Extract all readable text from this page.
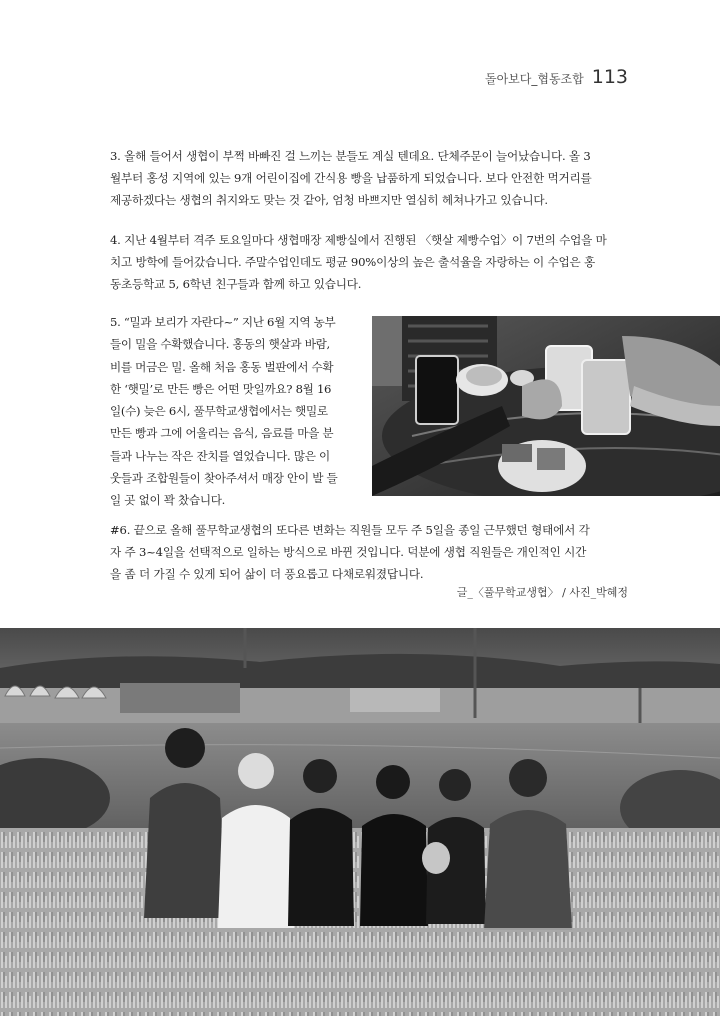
돌아보다_협동조합 113

3. 올해 들어서 생협이 부쩍 바빠진 걸 느끼는 분들도 계실 텐데요. 단체주문이 늘어났습니다. 올 3
월부터 홍성 지역에 있는 9개 어린이집에 간식용 빵을 납품하게 되었습니다. 보다 안전한 먹거리를
제공하겠다는 생협의 취지와도 맞는 것 같아, 엄청 바쁘지만 열심히 헤쳐나가고 있습니다.

4. 지난 4월부터 격주 토요일마다 생협매장 제빵실에서 진행된 〈햇살 제빵수업〉이 7번의 수업을 마
치고 방학에 들어갔습니다. 주말수업인데도 평균 90%이상의 높은 출석율을 자랑하는 이 수업은 홍
동초등학교 5, 6학년 친구들과 함께 하고 있습니다.

5. “밀과 보리가 자란다~” 지난 6월 지역 농부
들이 밀을 수확했습니다. 홍동의 햇살과 바람,
비를 머금은 밀. 올해 처음 홍동 벌판에서 수확
한 ‘햇밀’로 만든 빵은 어떤 맛일까요? 8월 16
일(수) 늦은 6시, 풀무학교생협에서는 햇밀로
만든 빵과 그에 어울리는 음식, 음료를 마을 분
들과 나누는 작은 잔치를 열었습니다. 많은 이
웃들과 조합원들이 찾아주셔서 매장 안이 발 들
일 곳 없이 꽉 찼습니다.

#6. 끝으로 올해 풀무학교생협의 또다른 변화는 직원들 모두 주 5일을 종일 근무했던 형태에서 각
자 주 3~4일을 선택적으로 일하는 방식으로 바뀐 것입니다. 덕분에 생협 직원들은 개인적인 시간
을 좀 더 가질 수 있게 되어 삶이 더 풍요롭고 다채로워졌답니다.

글_〈풀무학교생협〉 / 사진_박혜정
